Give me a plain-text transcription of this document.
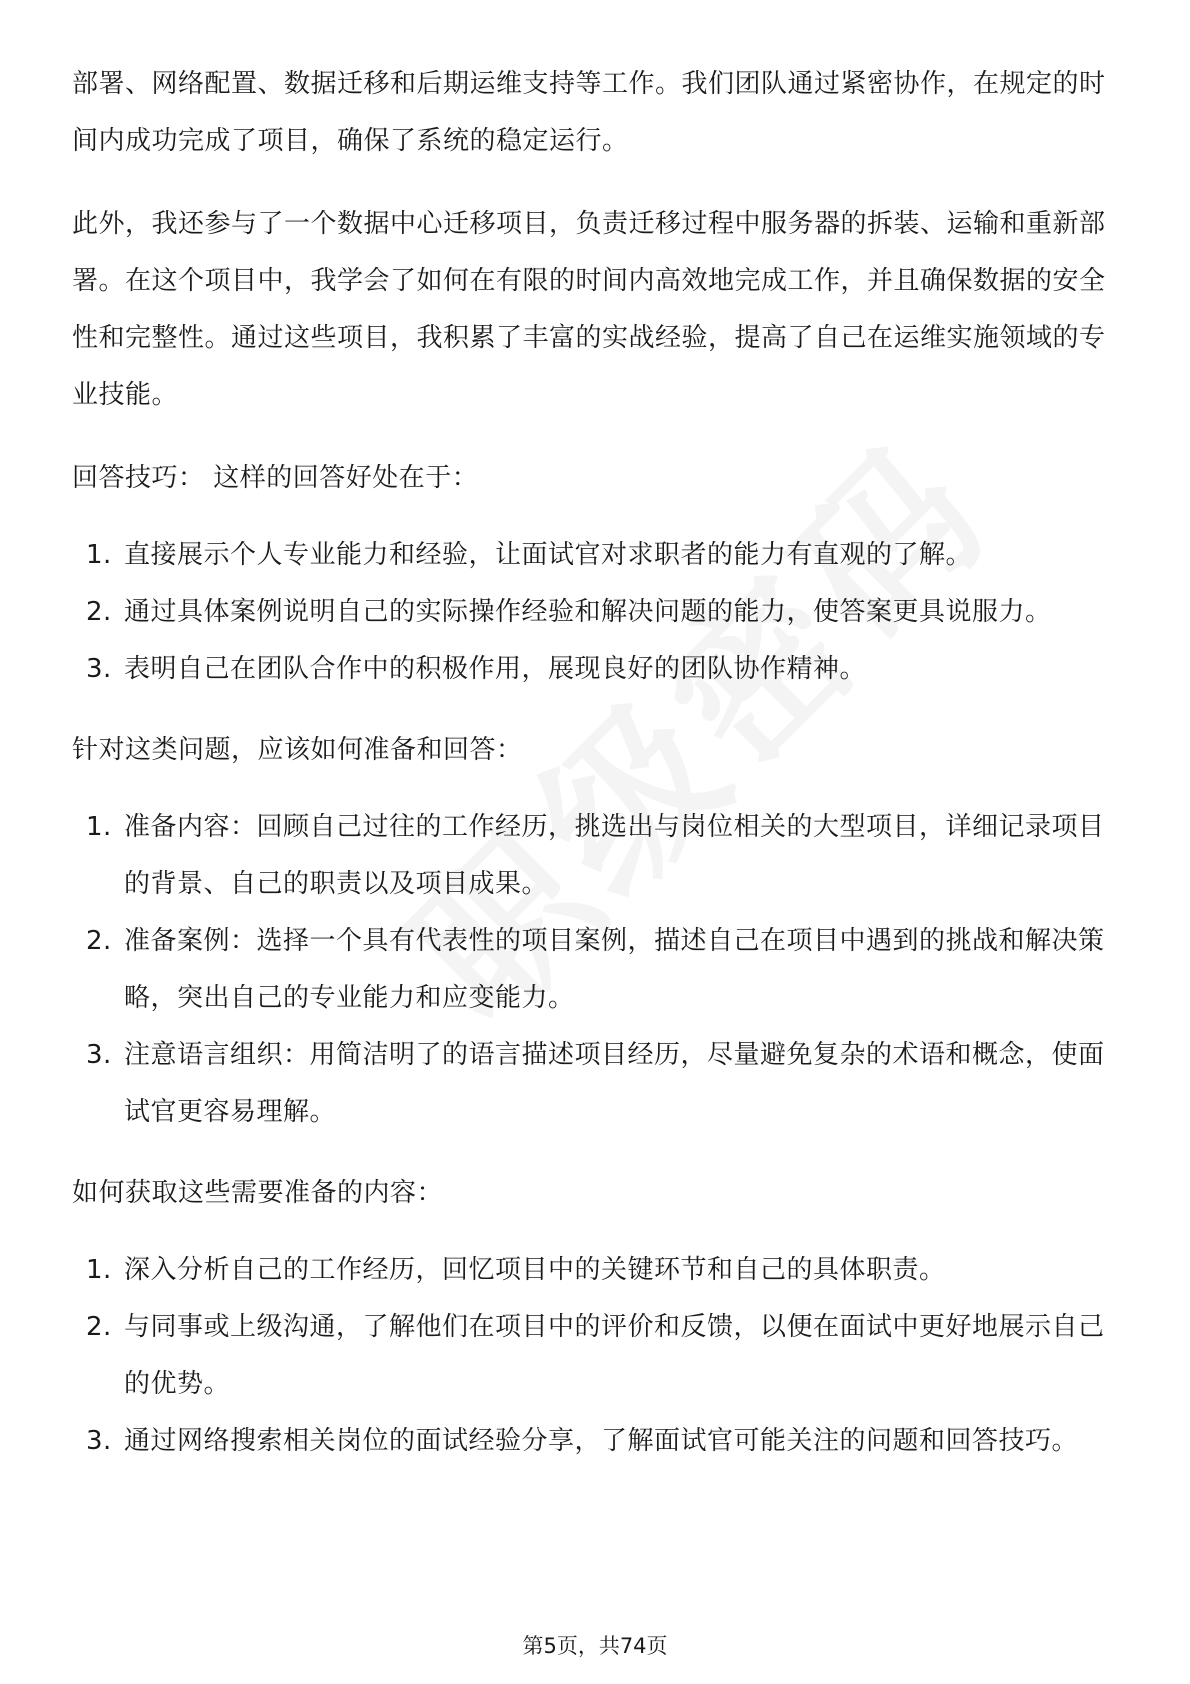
部署、网络配置、数据迁移和后期运维支持等工作。我们团队通过紧密协作，在规定的时间内成功完成了项目，确保了系统的稳定运行。

此外，我还参与了一个数据中心迁移项目，负责迁移过程中服务器的拆装、运输和重新部署。在这个项目中，我学会了如何在有限的时间内高效地完成工作，并且确保数据的安全性和完整性。通过这些项目，我积累了丰富的实战经验，提高了自己在运维实施领域的专业技能。

回答技巧： 这样的回答好处在于：

1. 直接展示个人专业能力和经验，让面试官对求职者的能力有直观的了解。
2. 通过具体案例说明自己的实际操作经验和解决问题的能力，使答案更具说服力。
3. 表明自己在团队合作中的积极作用，展现良好的团队协作精神。

针对这类问题，应该如何准备和回答：

1. 准备内容：回顾自己过往的工作经历，挑选出与岗位相关的大型项目，详细记录项目的背景、自己的职责以及项目成果。
2. 准备案例：选择一个具有代表性的项目案例，描述自己在项目中遇到的挑战和解决策略，突出自己的专业能力和应变能力。
3. 注意语言组织：用简洁明了的语言描述项目经历，尽量避免复杂的术语和概念，使面试官更容易理解。

如何获取这些需要准备的内容：

1. 深入分析自己的工作经历，回忆项目中的关键环节和自己的具体职责。
2. 与同事或上级沟通，了解他们在项目中的评价和反馈，以便在面试中更好地展示自己的优势。
3. 通过网络搜索相关岗位的面试经验分享，了解面试官可能关注的问题和回答技巧。
第5页，共74页
